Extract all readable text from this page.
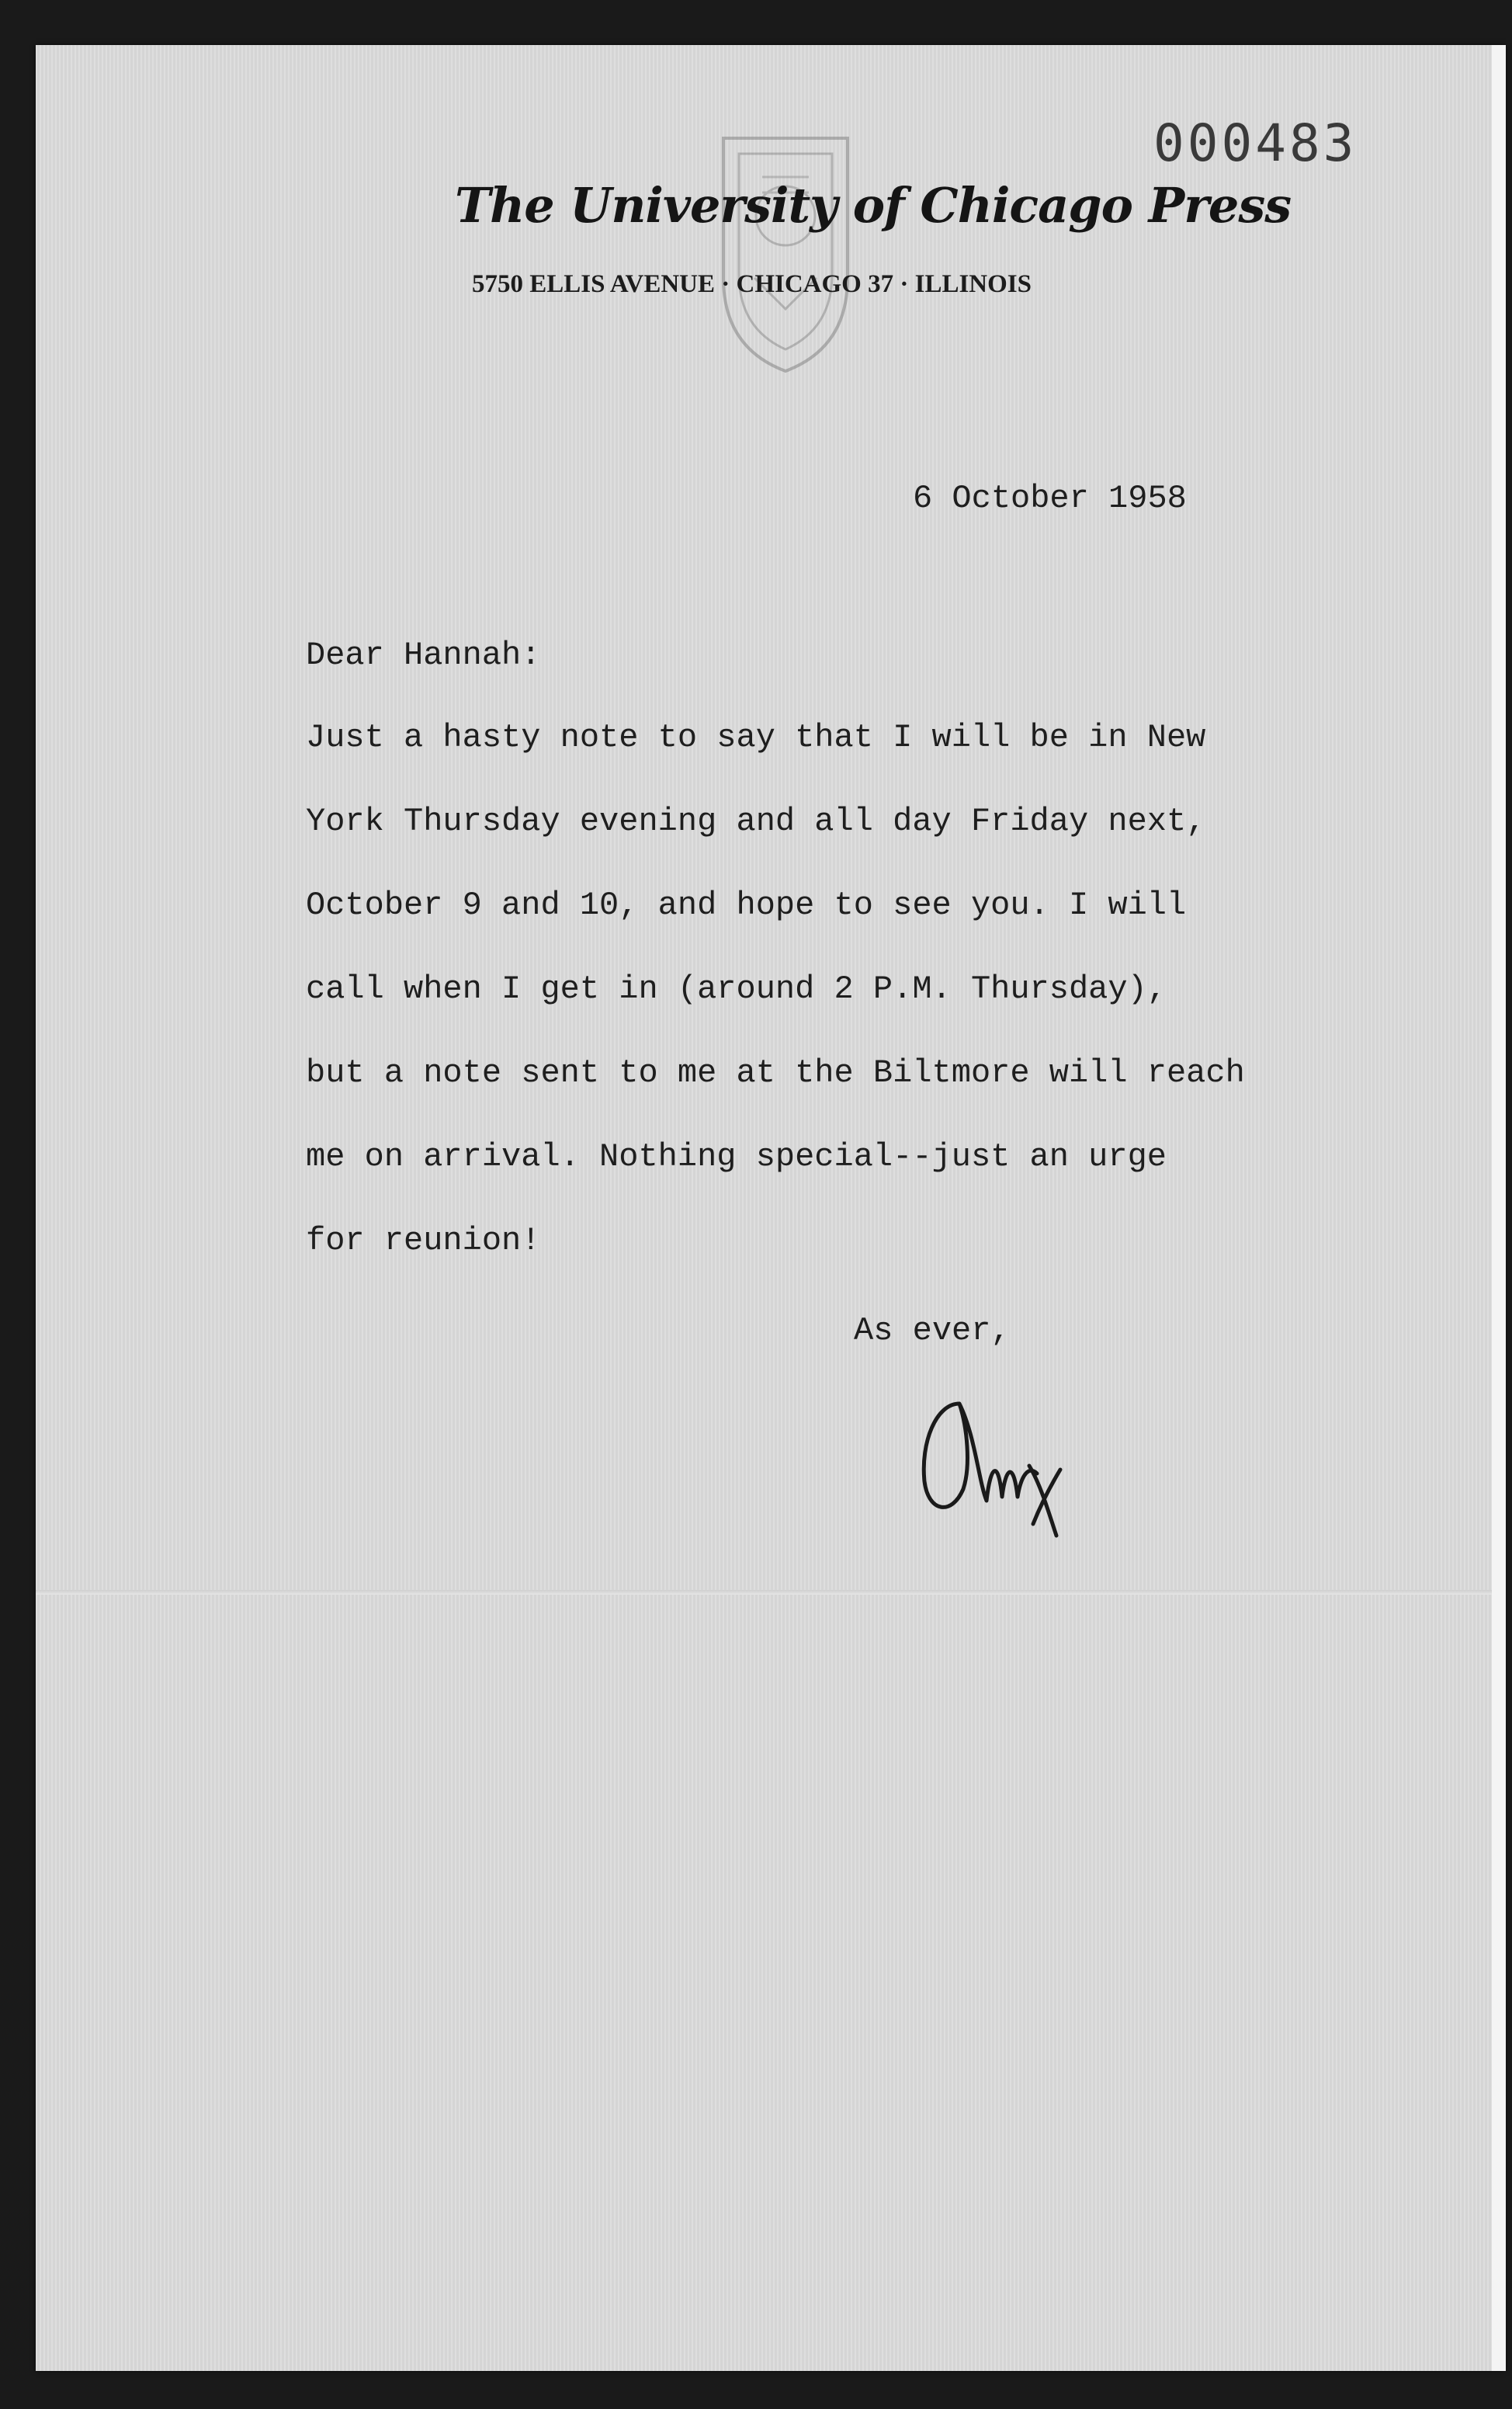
000483
The University of Chicago Press
5750 ELLIS AVENUE · CHICAGO 37 · ILLINOIS
6 October 1958
Dear Hannah:
Just a hasty note to say that I will be in New
York Thursday evening and all day Friday next,
October 9 and 10, and hope to see you. I will
call when I get in (around 2 P.M. Thursday),
but a note sent to me at the Biltmore will reach
me on arrival. Nothing special--just an urge
for reunion!
As ever,
